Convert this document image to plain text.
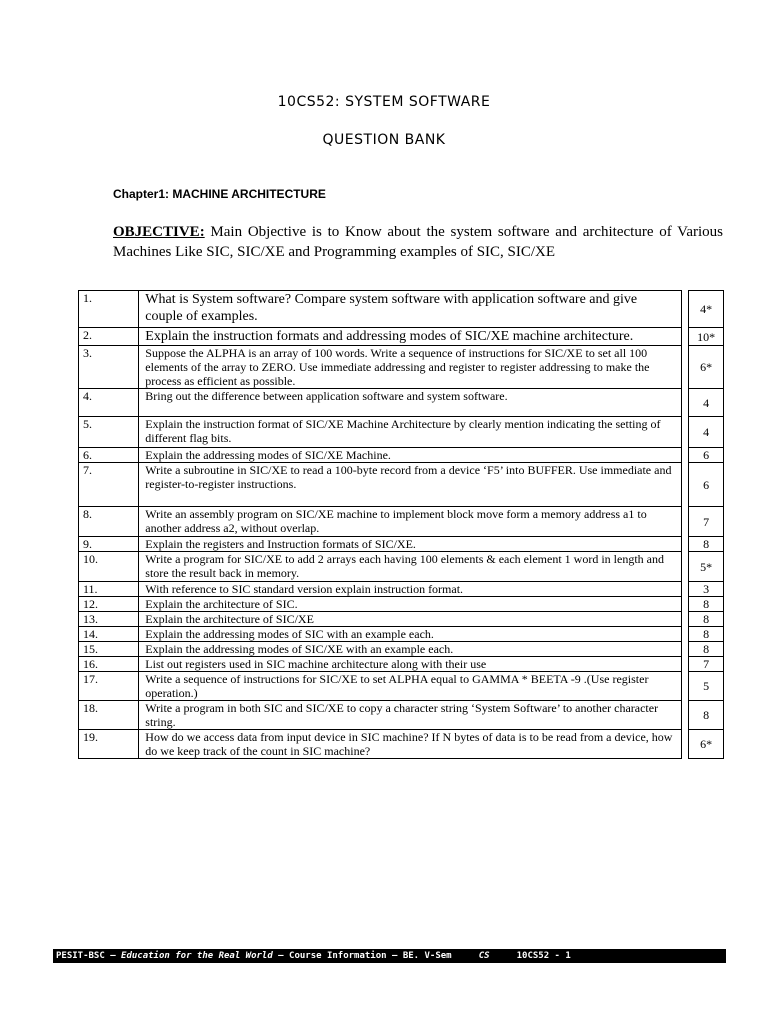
10CS52: SYSTEM SOFTWARE
QUESTION BANK
Chapter1: MACHINE ARCHITECTURE
OBJECTIVE: Main Objective is to Know about the system software and architecture of Various Machines Like SIC, SIC/XE and Programming examples of SIC, SIC/XE
1.	What is System software? Compare system software with application software and give couple of examples.		4*
2.	Explain the instruction formats and addressing modes of SIC/XE machine architecture.		10*
3.	Suppose the ALPHA is an array of 100 words. Write a sequence of instructions for SIC/XE to set all 100 elements of the array to ZERO. Use immediate addressing and register to register addressing to make the process as efficient as possible.		6*
4.	Bring out the difference between application software and system software.		4
5.	Explain the instruction format of SIC/XE Machine Architecture by clearly mention indicating the setting of different flag bits.		4
6.	Explain the addressing modes of SIC/XE Machine.		6
7.	Write a subroutine in SIC/XE to read a 100-byte record from a device ‘F5’ into BUFFER. Use immediate and register-to-register instructions.		6
8.	Write an assembly program on SIC/XE machine to implement block move form a memory address a1 to another address a2, without overlap.		7
9.	Explain the registers and Instruction formats of SIC/XE.		8
10.	Write a program for SIC/XE to add 2 arrays each having 100 elements & each element 1 word in length and store the result back in memory.		5*
11.	With reference to SIC standard version explain instruction format.		3
12.	Explain the architecture of SIC.		8
13.	Explain the architecture of SIC/XE		8
14.	Explain the addressing modes of SIC with an example each.		8
15.	Explain the addressing modes of SIC/XE with an example each.		8
16.	List out registers used in SIC machine architecture along with their use		7
17.	Write a sequence of instructions for SIC/XE to set ALPHA equal to GAMMA * BEETA -9 .(Use register operation.)		5
18.	Write a program in both SIC and SIC/XE to copy a character string ‘System Software’ to another character string.		8
19.	How do we access data from input device in SIC machine? If N bytes of data is to be read from a device, how do we keep track of the count in SIC machine?		6*
PESIT-BSC – Education for the Real World – Course Information – BE. V-Sem	CS	10CS52 - 1
